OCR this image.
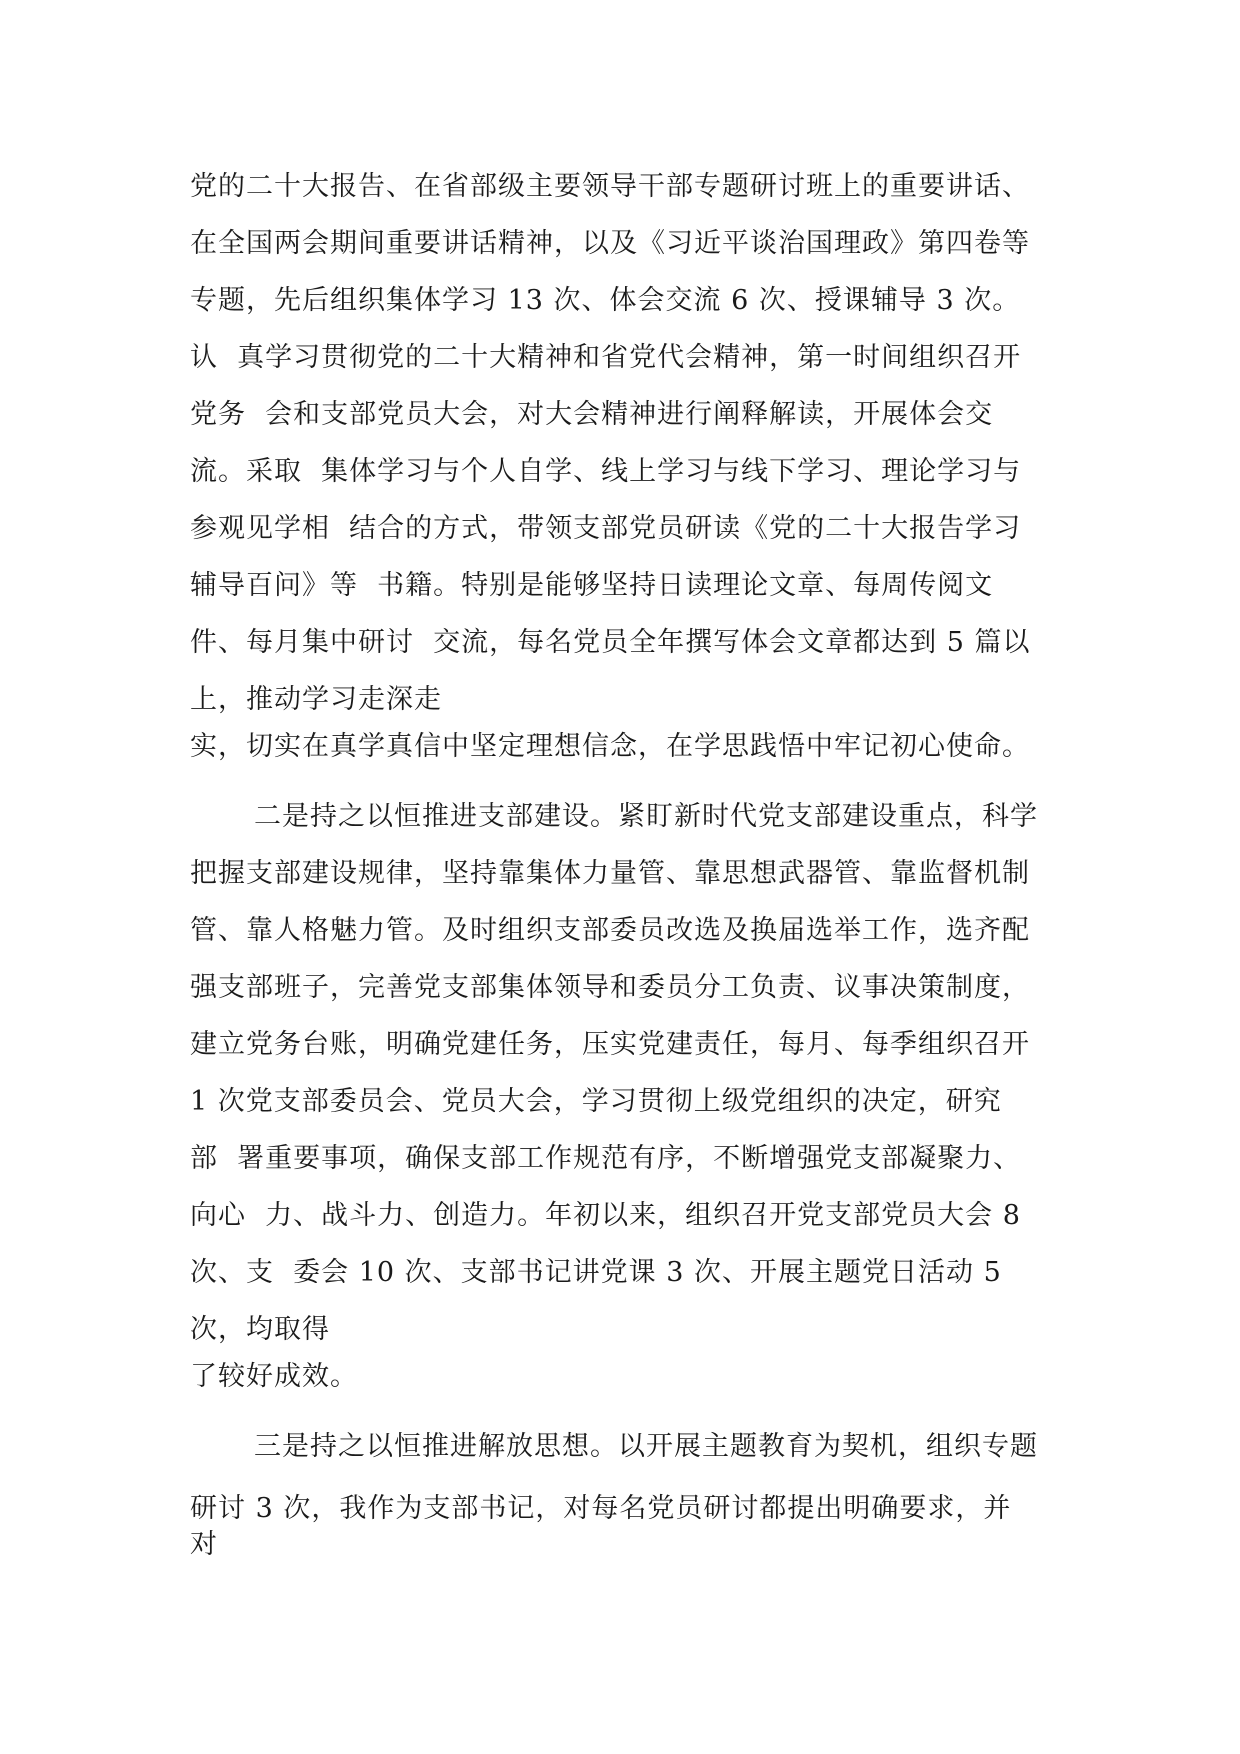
党的二十大报告、在省部级主要领导干部专题研讨班上的重要讲话、
在全国两会期间重要讲话精神，以及《习近平谈治国理政》第四卷等
专题，先后组织集体学习 13 次、体会交流 6 次、授课辅导 3 次。
认  真学习贯彻党的二十大精神和省党代会精神，第一时间组织召开
党务  会和支部党员大会，对大会精神进行阐释解读，开展体会交
流。采取  集体学习与个人自学、线上学习与线下学习、理论学习与
参观见学相  结合的方式，带领支部党员研读《党的二十大报告学习
辅导百问》等  书籍。特别是能够坚持日读理论文章、每周传阅文
件、每月集中研讨  交流，每名党员全年撰写体会文章都达到 5 篇以
上，推动学习走深走
实，切实在真学真信中坚定理想信念，在学思践悟中牢记初心使命。
二是持之以恒推进支部建设。紧盯新时代党支部建设重点，科学
把握支部建设规律，坚持靠集体力量管、靠思想武器管、靠监督机制
管、靠人格魅力管。及时组织支部委员改选及换届选举工作，选齐配
强支部班子，完善党支部集体领导和委员分工负责、议事决策制度，
建立党务台账，明确党建任务，压实党建责任，每月、每季组织召开
1 次党支部委员会、党员大会，学习贯彻上级党组织的决定，研究
部  署重要事项，确保支部工作规范有序，不断增强党支部凝聚力、
向心  力、战斗力、创造力。年初以来，组织召开党支部党员大会 8
次、支  委会 10 次、支部书记讲党课 3 次、开展主题党日活动 5
次，均取得
了较好成效。
三是持之以恒推进解放思想。以开展主题教育为契机，组织专题
研讨 3 次，我作为支部书记，对每名党员研讨都提出明确要求，并
对
